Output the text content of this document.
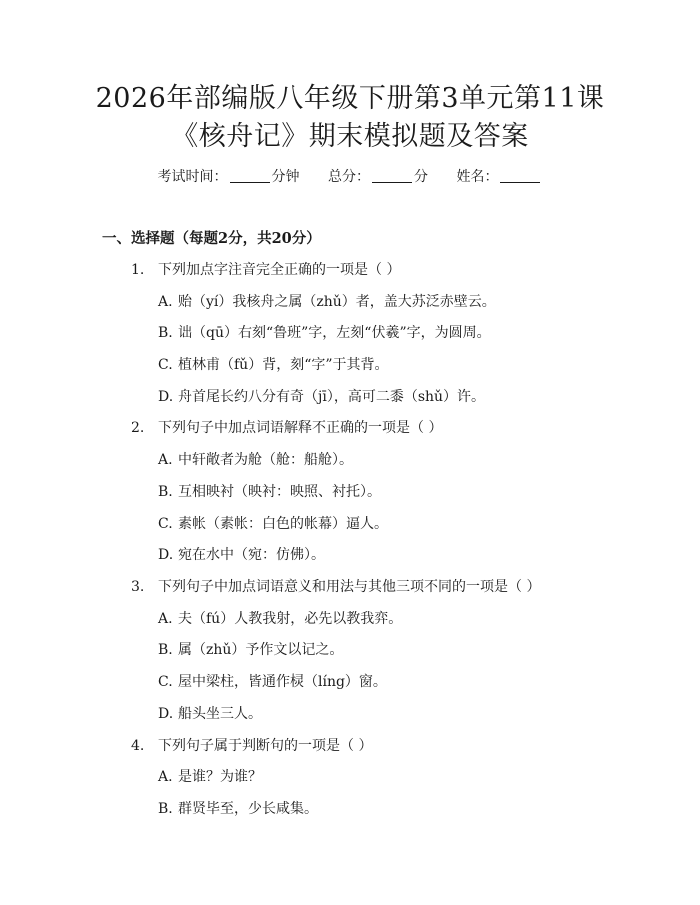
2026年部编版八年级下册第3单元第11课
《核舟记》期末模拟题及答案
考试时间：	分钟 总分：	分 姓名：
一、选择题（每题2分，共20分）
1. 下列加点字注音完全正确的一项是（ ）
A. 贻（yí）我核舟之属（zhǔ）者，盖大苏泛赤壁云。
B. 诎（qū）右刻“鲁班”字，左刻“伏羲”字，为圆周。
C. 植林甫（fǔ）背，刻“字”于其背。
D. 舟首尾长约八分有奇（jī），高可二黍（shǔ）许。
2. 下列句子中加点词语解释不正确的一项是（ ）
A. 中轩敞者为舱（舱：船舱）。
B. 互相映衬（映衬：映照、衬托）。
C. 素帐（素帐：白色的帐幕）逼人。
D. 宛在水中（宛：仿佛）。
3. 下列句子中加点词语意义和用法与其他三项不同的一项是（ ）
A. 夫（fú）人教我射，必先以教我弈。
B. 属（zhǔ）予作文以记之。
C. 屋中梁柱，皆通作棂（líng）窗。
D. 船头坐三人。
4. 下列句子属于判断句的一项是（ ）
A. 是谁？为谁？
B. 群贤毕至，少长咸集。
